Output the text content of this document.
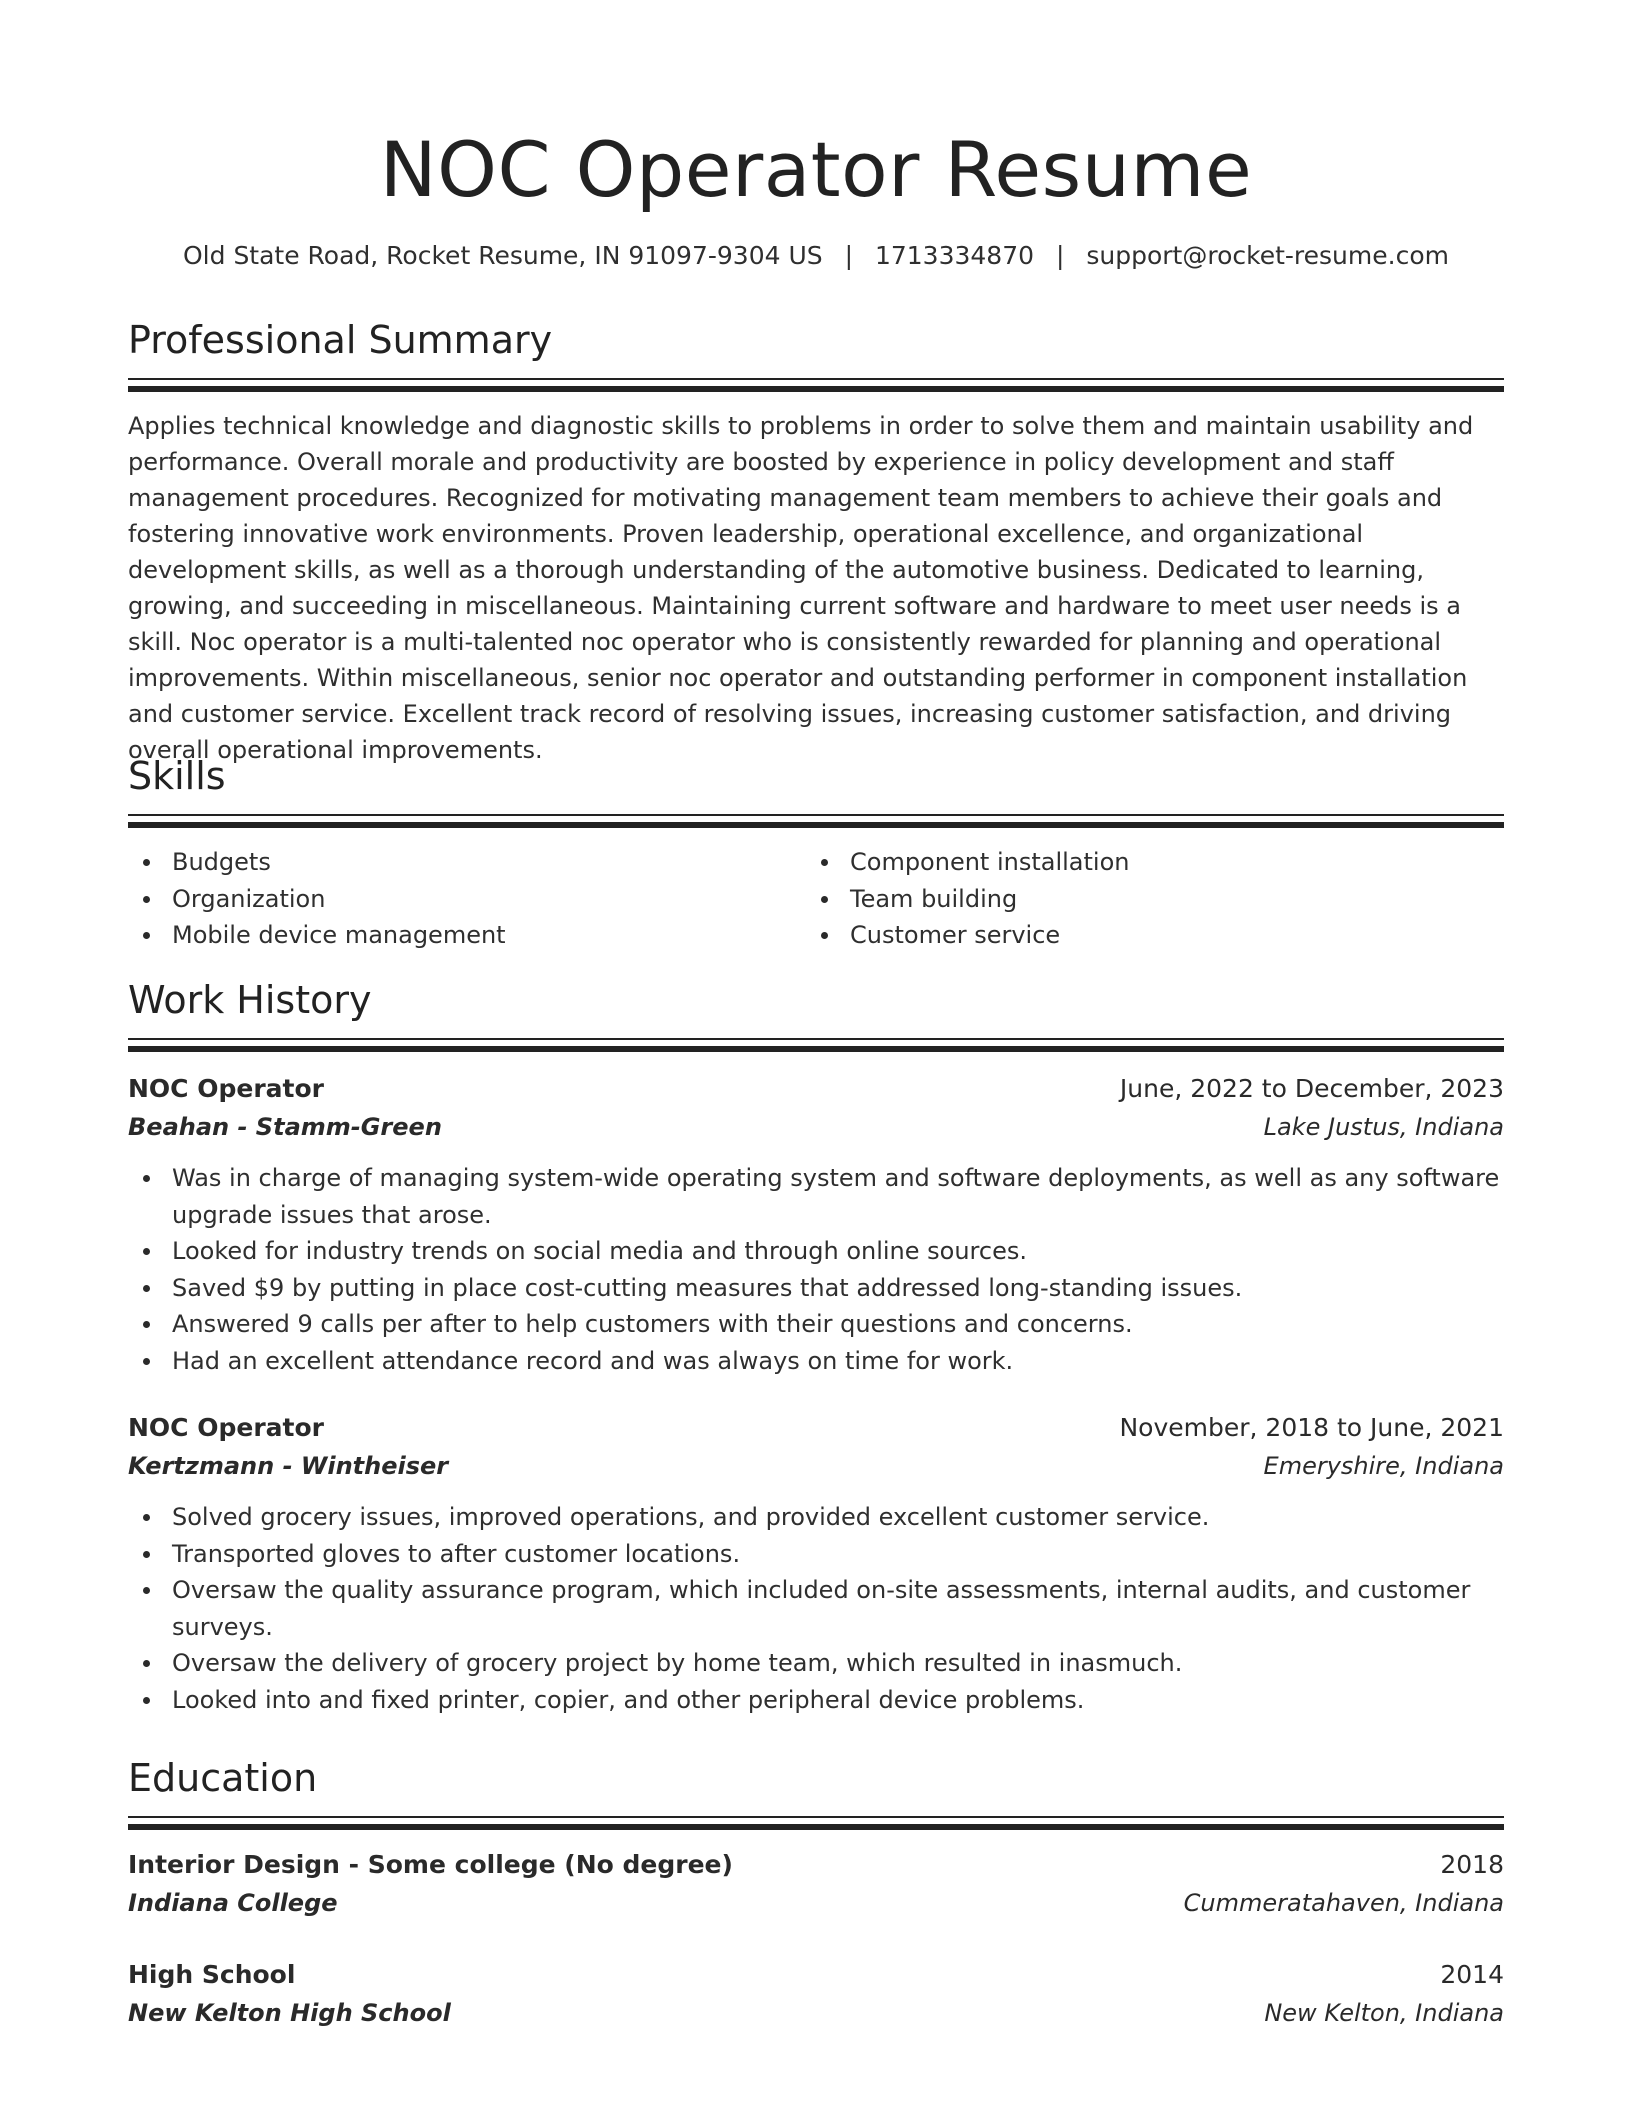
NOC Operator Resume
Old State Road, Rocket Resume, IN 91097-9304 US | 1713334870 | support@rocket-resume.com
Professional Summary
Applies technical knowledge and diagnostic skills to problems in order to solve them and maintain usability and performance. Overall morale and productivity are boosted by experience in policy development and staff management procedures. Recognized for motivating management team members to achieve their goals and fostering innovative work environments. Proven leadership, operational excellence, and organizational development skills, as well as a thorough understanding of the automotive business. Dedicated to learning, growing, and succeeding in miscellaneous. Maintaining current software and hardware to meet user needs is a skill. Noc operator is a multi-talented noc operator who is consistently rewarded for planning and operational improvements. Within miscellaneous, senior noc operator and outstanding performer in component installation and customer service. Excellent track record of resolving issues, increasing customer satisfaction, and driving overall operational improvements.
Skills
Budgets
Organization
Mobile device management
Component installation
Team building
Customer service
Work History
NOC Operator	June, 2022 to December, 2023
Beahan - Stamm-Green	Lake Justus, Indiana
Was in charge of managing system-wide operating system and software deployments, as well as any software upgrade issues that arose.
Looked for industry trends on social media and through online sources.
Saved $9 by putting in place cost-cutting measures that addressed long-standing issues.
Answered 9 calls per after to help customers with their questions and concerns.
Had an excellent attendance record and was always on time for work.
NOC Operator	November, 2018 to June, 2021
Kertzmann - Wintheiser	Emeryshire, Indiana
Solved grocery issues, improved operations, and provided excellent customer service.
Transported gloves to after customer locations.
Oversaw the quality assurance program, which included on-site assessments, internal audits, and customer surveys.
Oversaw the delivery of grocery project by home team, which resulted in inasmuch.
Looked into and fixed printer, copier, and other peripheral device problems.
Education
Interior Design - Some college (No degree)	2018
Indiana College	Cummeratahaven, Indiana
High School	2014
New Kelton High School	New Kelton, Indiana
